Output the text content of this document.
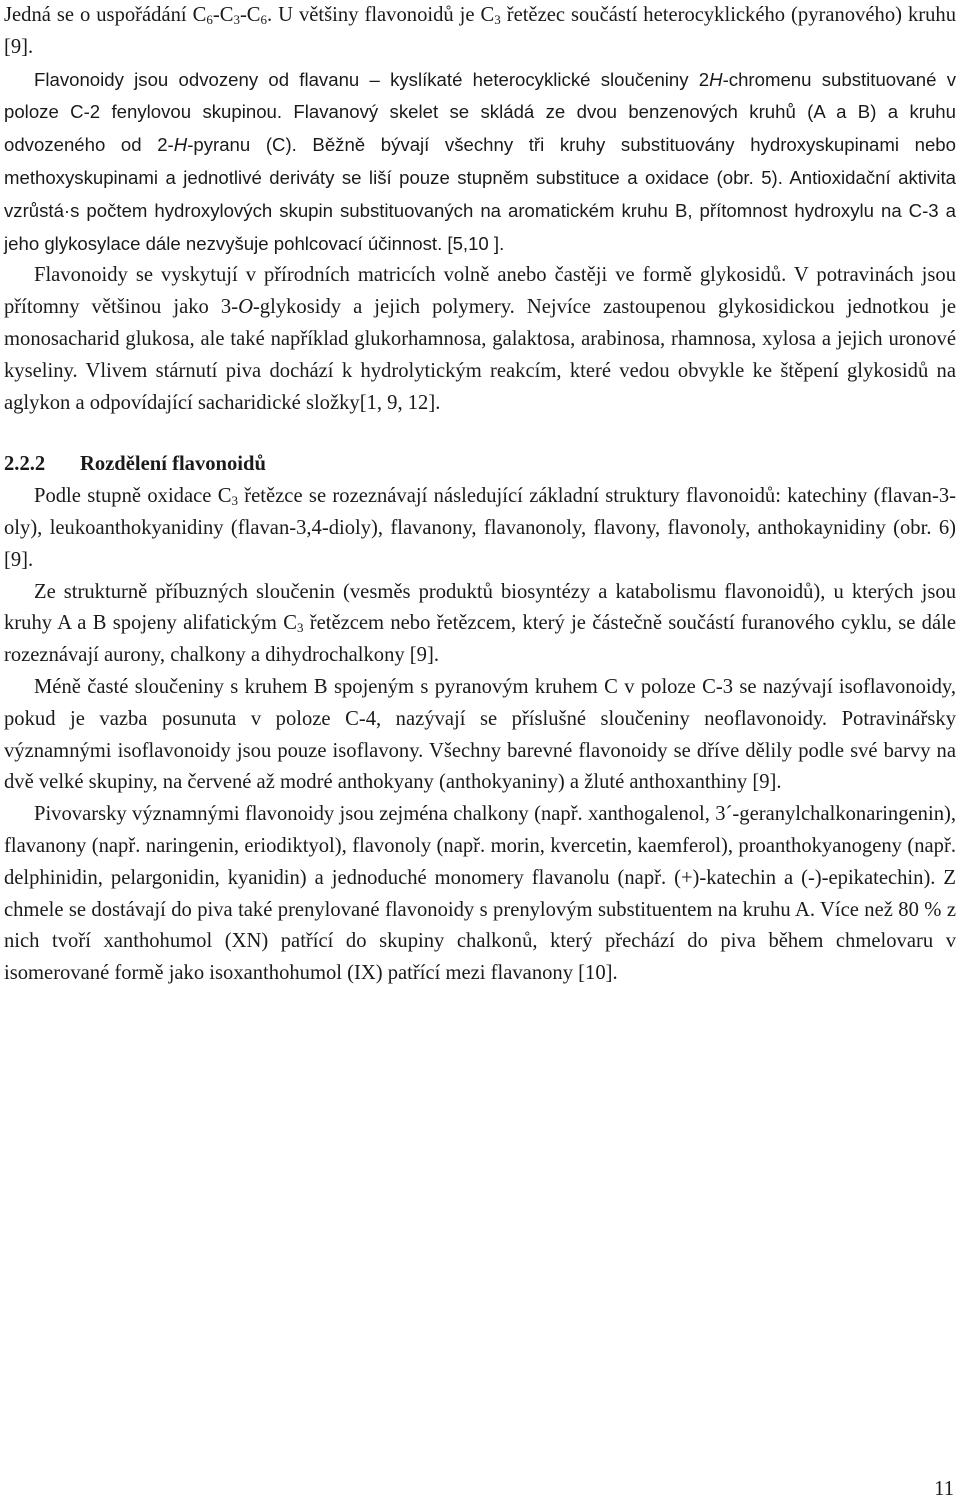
Jedná se o uspořádání $C_6-C_3-C_6$. U většiny flavonoidů je $C_3$ řetězec součástí heterocyklického (pyranového) kruhu [9].

Flavonoidy jsou odvozeny od flavanu – kyslíkaté heterocyklické sloučeniny 2H-chromenu substituované v poloze C-2 fenylovou skupinou. Flavanový skelet se skládá ze dvou benzenových kruhů (A a B) a kruhu odvozeného od 2-H-pyranu (C). Běžně bývají všechny tři kruhy substituovány hydroxyskupinami nebo methoxyskupinami a jednotlivé deriváty se liší pouze stupněm substituce a oxidace (obr. 5). Antioxidační aktivita vzrůstá·s počtem hydroxylových skupin substituovaných na aromatickém kruhu B, přítomnost hydroxylu na C-3 a jeho glykosylace dále nezvyšuje pohlcovací účinnost. [5,10 ].

Flavonoidy se vyskytují v přírodních matricích volně anebo častěji ve formě glykosidů. V potravinách jsou přítomny většinou jako 3-O-glykosidy a jejich polymery. Nejvíce zastoupenou glykosidickou jednotkou je monosacharid glukosa, ale také například glukorhamnosa, galaktosa, arabinosa, rhamnosa, xylosa a jejich uronové kyseliny. Vlivem stárnutí piva dochází k hydrolytickým reakcím, které vedou obvykle ke štěpení glykosidů na aglykon a odpovídající sacharidické složky[1, 9, 12].

2.2.2 Rozdělení flavonoidů

Podle stupně oxidace $C_3$ řetězce se rozeznávají následující základní struktury flavonoidů: katechiny (flavan-3-oly), leukoanthokyanidiny (flavan-3,4-dioly), flavanony, flavanonoly, flavony, flavonoly, anthokaynidiny (obr. 6) [9].

Ze strukturně příbuzných sloučenin (vesměs produktů biosyntézy a katabolismu flavonoidů), u kterých jsou kruhy A a B spojeny alifatickým $C_3$ řetězcem nebo řetězcem, který je částečně součástí furanového cyklu, se dále rozeznávají aurony, chalkony a dihydrochalkony [9].

Méně časté sloučeniny s kruhem B spojeným s pyranovým kruhem C v poloze C-3 se nazývají isoflavonoidy, pokud je vazba posunuta v poloze C-4, nazývají se příslušné sloučeniny neoflavonoidy. Potravinářsky významnými isoflavonoidy jsou pouze isoflavony. Všechny barevné flavonoidy se dříve dělily podle své barvy na dvě velké skupiny, na červené až modré anthokyany (anthokyaniny) a žluté anthoxanthiny [9].

Pivovarsky významnými flavonoidy jsou zejména chalkony (např. xanthogalenol, 3´-geranylchalkonaringenin), flavanony (např. naringenin, eriodiktyol), flavonoly (např. morin, kvercetin, kaemferol), proanthokyanogeny (např. delphinidin, pelargonidin, kyanidin) a jednoduché monomery flavanolu (např. (+)-katechin a (-)-epikatechin). Z chmele se dostávají do piva také prenylované flavonoidy s prenylovým substituentem na kruhu A. Více než 80 % z nich tvoří xanthohumol (XN) patřící do skupiny chalkonů, který přechází do piva během chmelovaru v isomerované formě jako isoxanthohumol (IX) patřící mezi flavanony [10].

11
